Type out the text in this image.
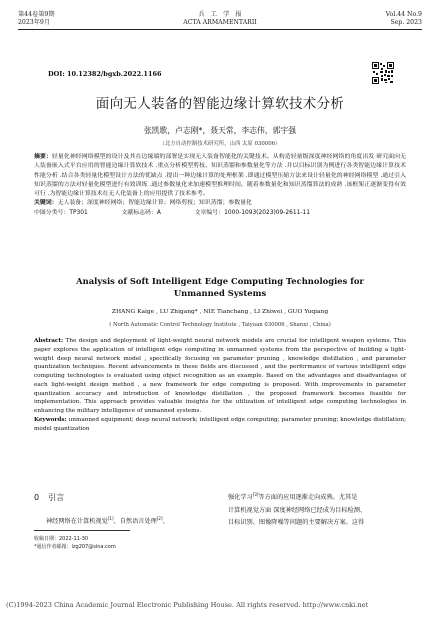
第44卷第9期
2023年9月
兵　工　学　报
ACTA ARMAMENTARII
Vol.44 No.9
Sep. 2023
DOI: 10.12382/bgxb.2022.1166
面向无人装备的智能边缘计算软技术分析
张凯歌，卢志刚*，聂天常，李志伟，郭宇强
（北方自动控制技术研究所，山西 太原 030006）

摘要：轻量化神经网络模型的设计及其在边缘端的部署是实现无人装备智能化的关键技术。从构造轻量级深度神经网络的角度出发 研究面向无人装备嵌入式平台应用的智能边缘计算软技术 .重点分析模型剪枝、知识蒸馏和参数量化等方法 .并以目标识别为例进行各类智能边缘计算技术性能分析 .结合各类轻量化模型设计方法的优缺点 .提出一种边缘计算的处理框架 .即通过模型压缩方法来设计轻量化的神经网络模型 .通过引入知识蒸馏的方法对轻量化模型进行有效训练 .通过参数量化来加速模型推理时间。随着参数量化和知识蒸馏算法的成熟 .该框架正逐渐变得有效可行 .为智能边缘计算技术在无人化装备上的应用提供了技术参考。

关键词：无人装备；深度神经网络；智能边缘计算；网络剪枝；知识蒸馏；参数量化

中图分类号：TP301	文献标志码：A	文章编号：1000-1093(2023)09-2611-11

Analysis of Soft Intelligent Edge Computing Technologies for Unmanned Systems
ZHANG Kaige , LU Zhigang* , NIE Tianchang , LI Zhiwei , GUO Yuqiang
( North Automatic Control Technology Institute , Taiyuan 030006 , Shanxi , China)

Abstract: The design and deployment of light-weight neural network models are crucial for intelligent weapon systems. This paper explores the application of intelligent edge computing in unmanned systems from the perspective of building a light-weight deep neural network model , specifically focusing on parameter pruning , knowledge distillation , and parameter quantization techniques. Recent advancements in these fields are discussed , and the performance of various intelligent edge computing technologies is evaluated using object recognition as an example. Based on the advantages and disadvantages of each light-weight design method , a new framework for edge computing is proposed. With improvements in parameter quantization accuracy and introduction of knowledge distillation , the proposed framework becomes feasible for implementation. This approach provides valuable insights for the utilization of intelligent edge computing technologies in enhancing the military intelligence of unmanned systems.

Keywords: unmanned equipment; deep neural network; intelligent edge computing; parameter pruning; knowledge distillation; model quantization

0 引言
神经网络在计算机视觉[1]、自然语言处理[2]、
强化学习[3]等方面的应用逐渐走向成熟。尤其是
计算机视觉方面 深度神经网络已经成为目标检测、
目标识别、图像降噪等问题的主要解决方案。这得
收稿日期：2022-11-30
*通信作者邮箱：lzg207@sina.com
(C)1994-2023 China Academic Journal Electronic Publishing House. All rights reserved. http://www.cnki.net
